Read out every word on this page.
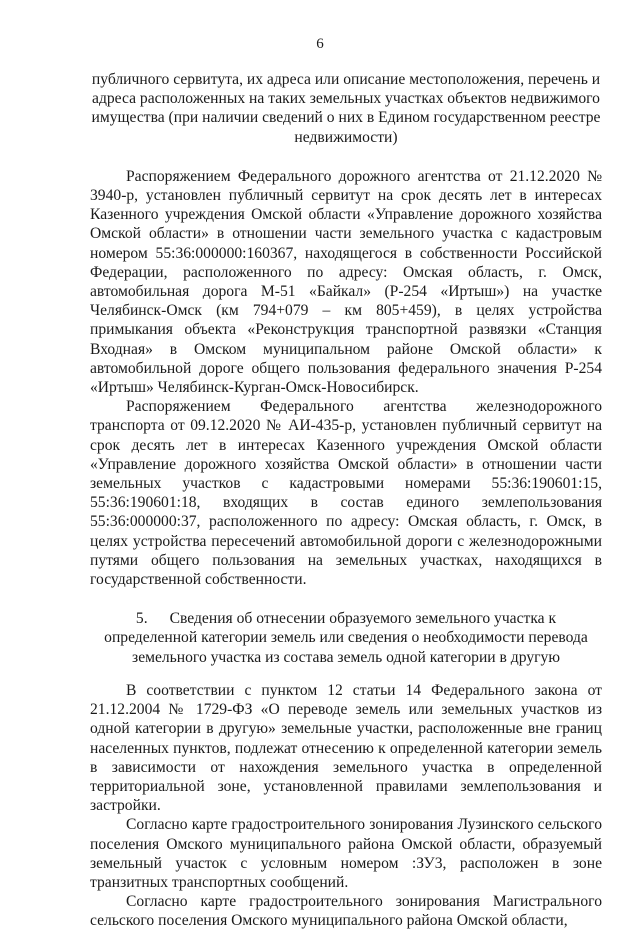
6

публичного сервитута, их адреса или описание местоположения, перечень и адреса расположенных на таких земельных участках объектов недвижимого имущества (при наличии сведений о них в Едином государственном реестре недвижимости)

Распоряжением Федерального дорожного агентства от 21.12.2020 № 3940-р, установлен публичный сервитут на срок десять лет в интересах Казенного учреждения Омской области «Управление дорожного хозяйства Омской области» в отношении части земельного участка с кадастровым номером 55:36:000000:160367, находящегося в собственности Российской Федерации, расположенного по адресу: Омская область, г. Омск, автомобильная дорога М-51 «Байкал» (Р-254 «Иртыш») на участке Челябинск-Омск (км 794+079 – км 805+459), в целях устройства примыкания объекта «Реконструкция транспортной развязки «Станция Входная» в Омском муниципальном районе Омской области» к автомобильной дороге общего пользования федерального значения Р-254 «Иртыш» Челябинск-Курган-Омск-Новосибирск.

Распоряжением Федерального агентства железнодорожного транспорта от 09.12.2020 № АИ-435-р, установлен публичный сервитут на срок десять лет в интересах Казенного учреждения Омской области «Управление дорожного хозяйства Омской области» в отношении части земельных участков с кадастровыми номерами 55:36:190601:15, 55:36:190601:18, входящих в состав единого землепользования 55:36:000000:37, расположенного по адресу: Омская область, г. Омск, в целях устройства пересечений автомобильной дороги с железнодорожными путями общего пользования на земельных участках, находящихся в государственной собственности.

5. Сведения об отнесении образуемого земельного участка к определенной категории земель или сведения о необходимости перевода земельного участка из состава земель одной категории в другую

В соответствии с пунктом 12 статьи 14 Федерального закона от 21.12.2004 № 1729-ФЗ «О переводе земель или земельных участков из одной категории в другую» земельные участки, расположенные вне границ населенных пунктов, подлежат отнесению к определенной категории земель в зависимости от нахождения земельного участка в определенной территориальной зоне, установленной правилами землепользования и застройки.

Согласно карте градостроительного зонирования Лузинского сельского поселения Омского муниципального района Омской области, образуемый земельный участок с условным номером :ЗУ3, расположен в зоне транзитных транспортных сообщений.

Согласно карте градостроительного зонирования Магистрального сельского поселения Омского муниципального района Омской области,
